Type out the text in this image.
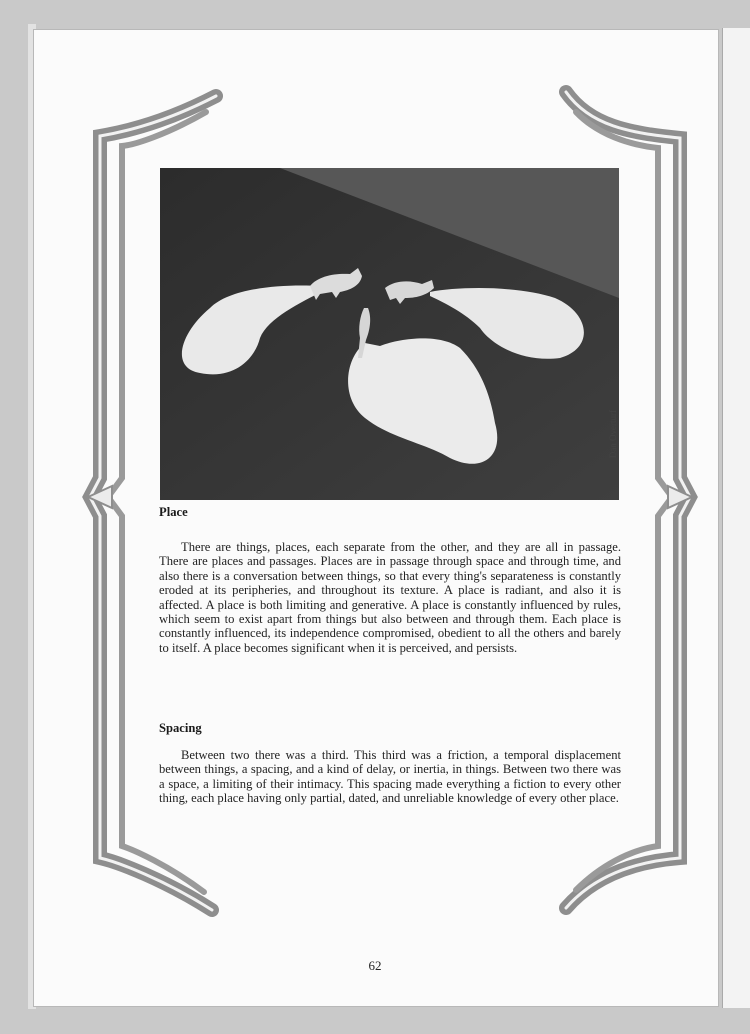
Dan Overturf
Place
There are things, places, each separate from the other, and they are all in passage. There are places and passages. Places are in passage through space and through time, and also there is a conversation between things, so that every thing's separateness is constantly eroded at its peripheries, and throughout its texture. A place is radiant, and also it is affected. A place is both limiting and generative. A place is constantly influenced by rules, which seem to exist apart from things but also between and through them. Each place is constantly influenced, its independence compromised, obedient to all the others and barely to itself. A place becomes significant when it is perceived, and persists.
Spacing
Between two there was a third. This third was a friction, a temporal displacement between things, a spacing, and a kind of delay, or inertia, in things. Between two there was a space, a limiting of their intimacy. This spacing made everything a fiction to every other thing, each place having only partial, dated, and unreliable knowledge of every other place.
62
